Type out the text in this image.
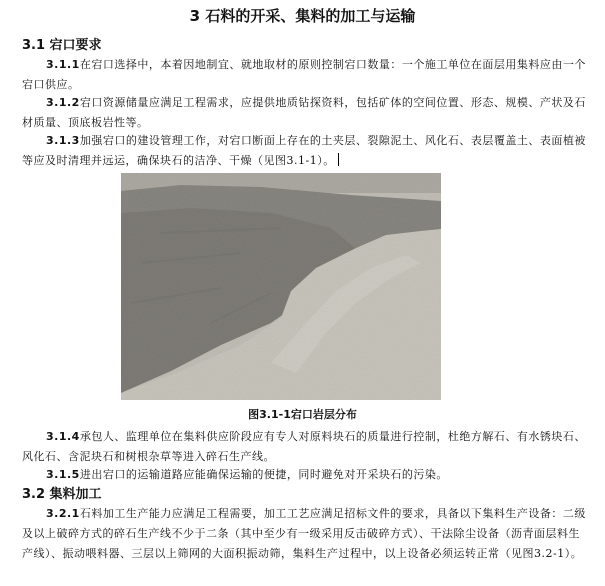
3 石料的开采、集料的加工与运输
3.1 宕口要求
3.1.1在宕口选择中，本着因地制宜、就地取材的原则控制宕口数量：一个施工单位在面层用集料应由一个宕口供应。
3.1.2宕口资源储量应满足工程需求，应提供地质钻探资料，包括矿体的空间位置、形态、规模、产状及石材质量、顶底板岩性等。
3.1.3加强宕口的建设管理工作，对宕口断面上存在的土夹层、裂隙泥土、风化石、表层覆盖土、表面植被等应及时清理并远运，确保块石的洁净、干燥（见图3.1-1）。
图3.1-1宕口岩层分布
3.1.4承包人、监理单位在集料供应阶段应有专人对原料块石的质量进行控制，杜绝方解石、有水锈块石、风化石、含泥块石和树根杂草等进入碎石生产线。
3.1.5进出宕口的运输道路应能确保运输的便捷，同时避免对开采块石的污染。
3.2 集料加工
3.2.1石料加工生产能力应满足工程需要，加工工艺应满足招标文件的要求，具备以下集料生产设备：二级及以上破碎方式的碎石生产线不少于二条（其中至少有一级采用反击破碎方式）、干法除尘设备（沥青面层料生产线）、振动喂料器、三层以上筛网的大面积振动筛，集料生产过程中，以上设备必须运转正常（见图3.2-1）。
